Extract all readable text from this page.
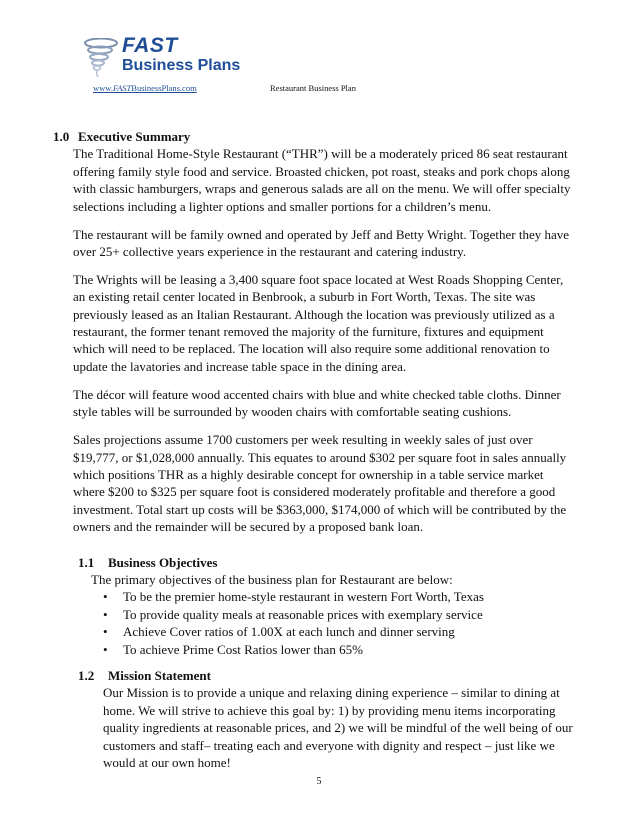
FAST
Business Plans
www.FASTBusinessPlans.com	Restaurant Business Plan
1.0 Executive Summary

The Traditional Home-Style Restaurant (“THR”) will be a moderately priced 86 seat restaurant offering family style food and service. Broasted chicken, pot roast, steaks and pork chops along with classic hamburgers, wraps and generous salads are all on the menu. We will offer specialty selections including a lighter options and smaller portions for a children’s menu.

The restaurant will be family owned and operated by Jeff and Betty Wright. Together they have over 25+ collective years experience in the restaurant and catering industry.

The Wrights will be leasing a 3,400 square foot space located at West Roads Shopping Center, an existing retail center located in Benbrook, a suburb in Fort Worth, Texas. The site was previously leased as an Italian Restaurant. Although the location was previously utilized as a restaurant, the former tenant removed the majority of the furniture, fixtures and equipment which will need to be replaced. The location will also require some additional renovation to update the lavatories and increase table space in the dining area.

The décor will feature wood accented chairs with blue and white checked table cloths. Dinner style tables will be surrounded by wooden chairs with comfortable seating cushions.

Sales projections assume 1700 customers per week resulting in weekly sales of just over $19,777, or $1,028,000 annually. This equates to around $302 per square foot in sales annually which positions THR as a highly desirable concept for ownership in a table service market where $200 to $325 per square foot is considered moderately profitable and therefore a good investment. Total start up costs will be $363,000, $174,000 of which will be contributed by the owners and the remainder will be secured by a proposed bank loan.

1.1	Business Objectives
The primary objectives of the business plan for Restaurant are below:
• To be the premier home-style restaurant in western Fort Worth, Texas
• To provide quality meals at reasonable prices with exemplary service
• Achieve Cover ratios of 1.00X at each lunch and dinner serving
• To achieve Prime Cost Ratios lower than 65%
1.2	Mission Statement
Our Mission is to provide a unique and relaxing dining experience – similar to dining at home. We will strive to achieve this goal by: 1) by providing menu items incorporating quality ingredients at reasonable prices, and 2) we will be mindful of the well being of our customers and staff– treating each and everyone with dignity and respect – just like we would at our own home!
5
